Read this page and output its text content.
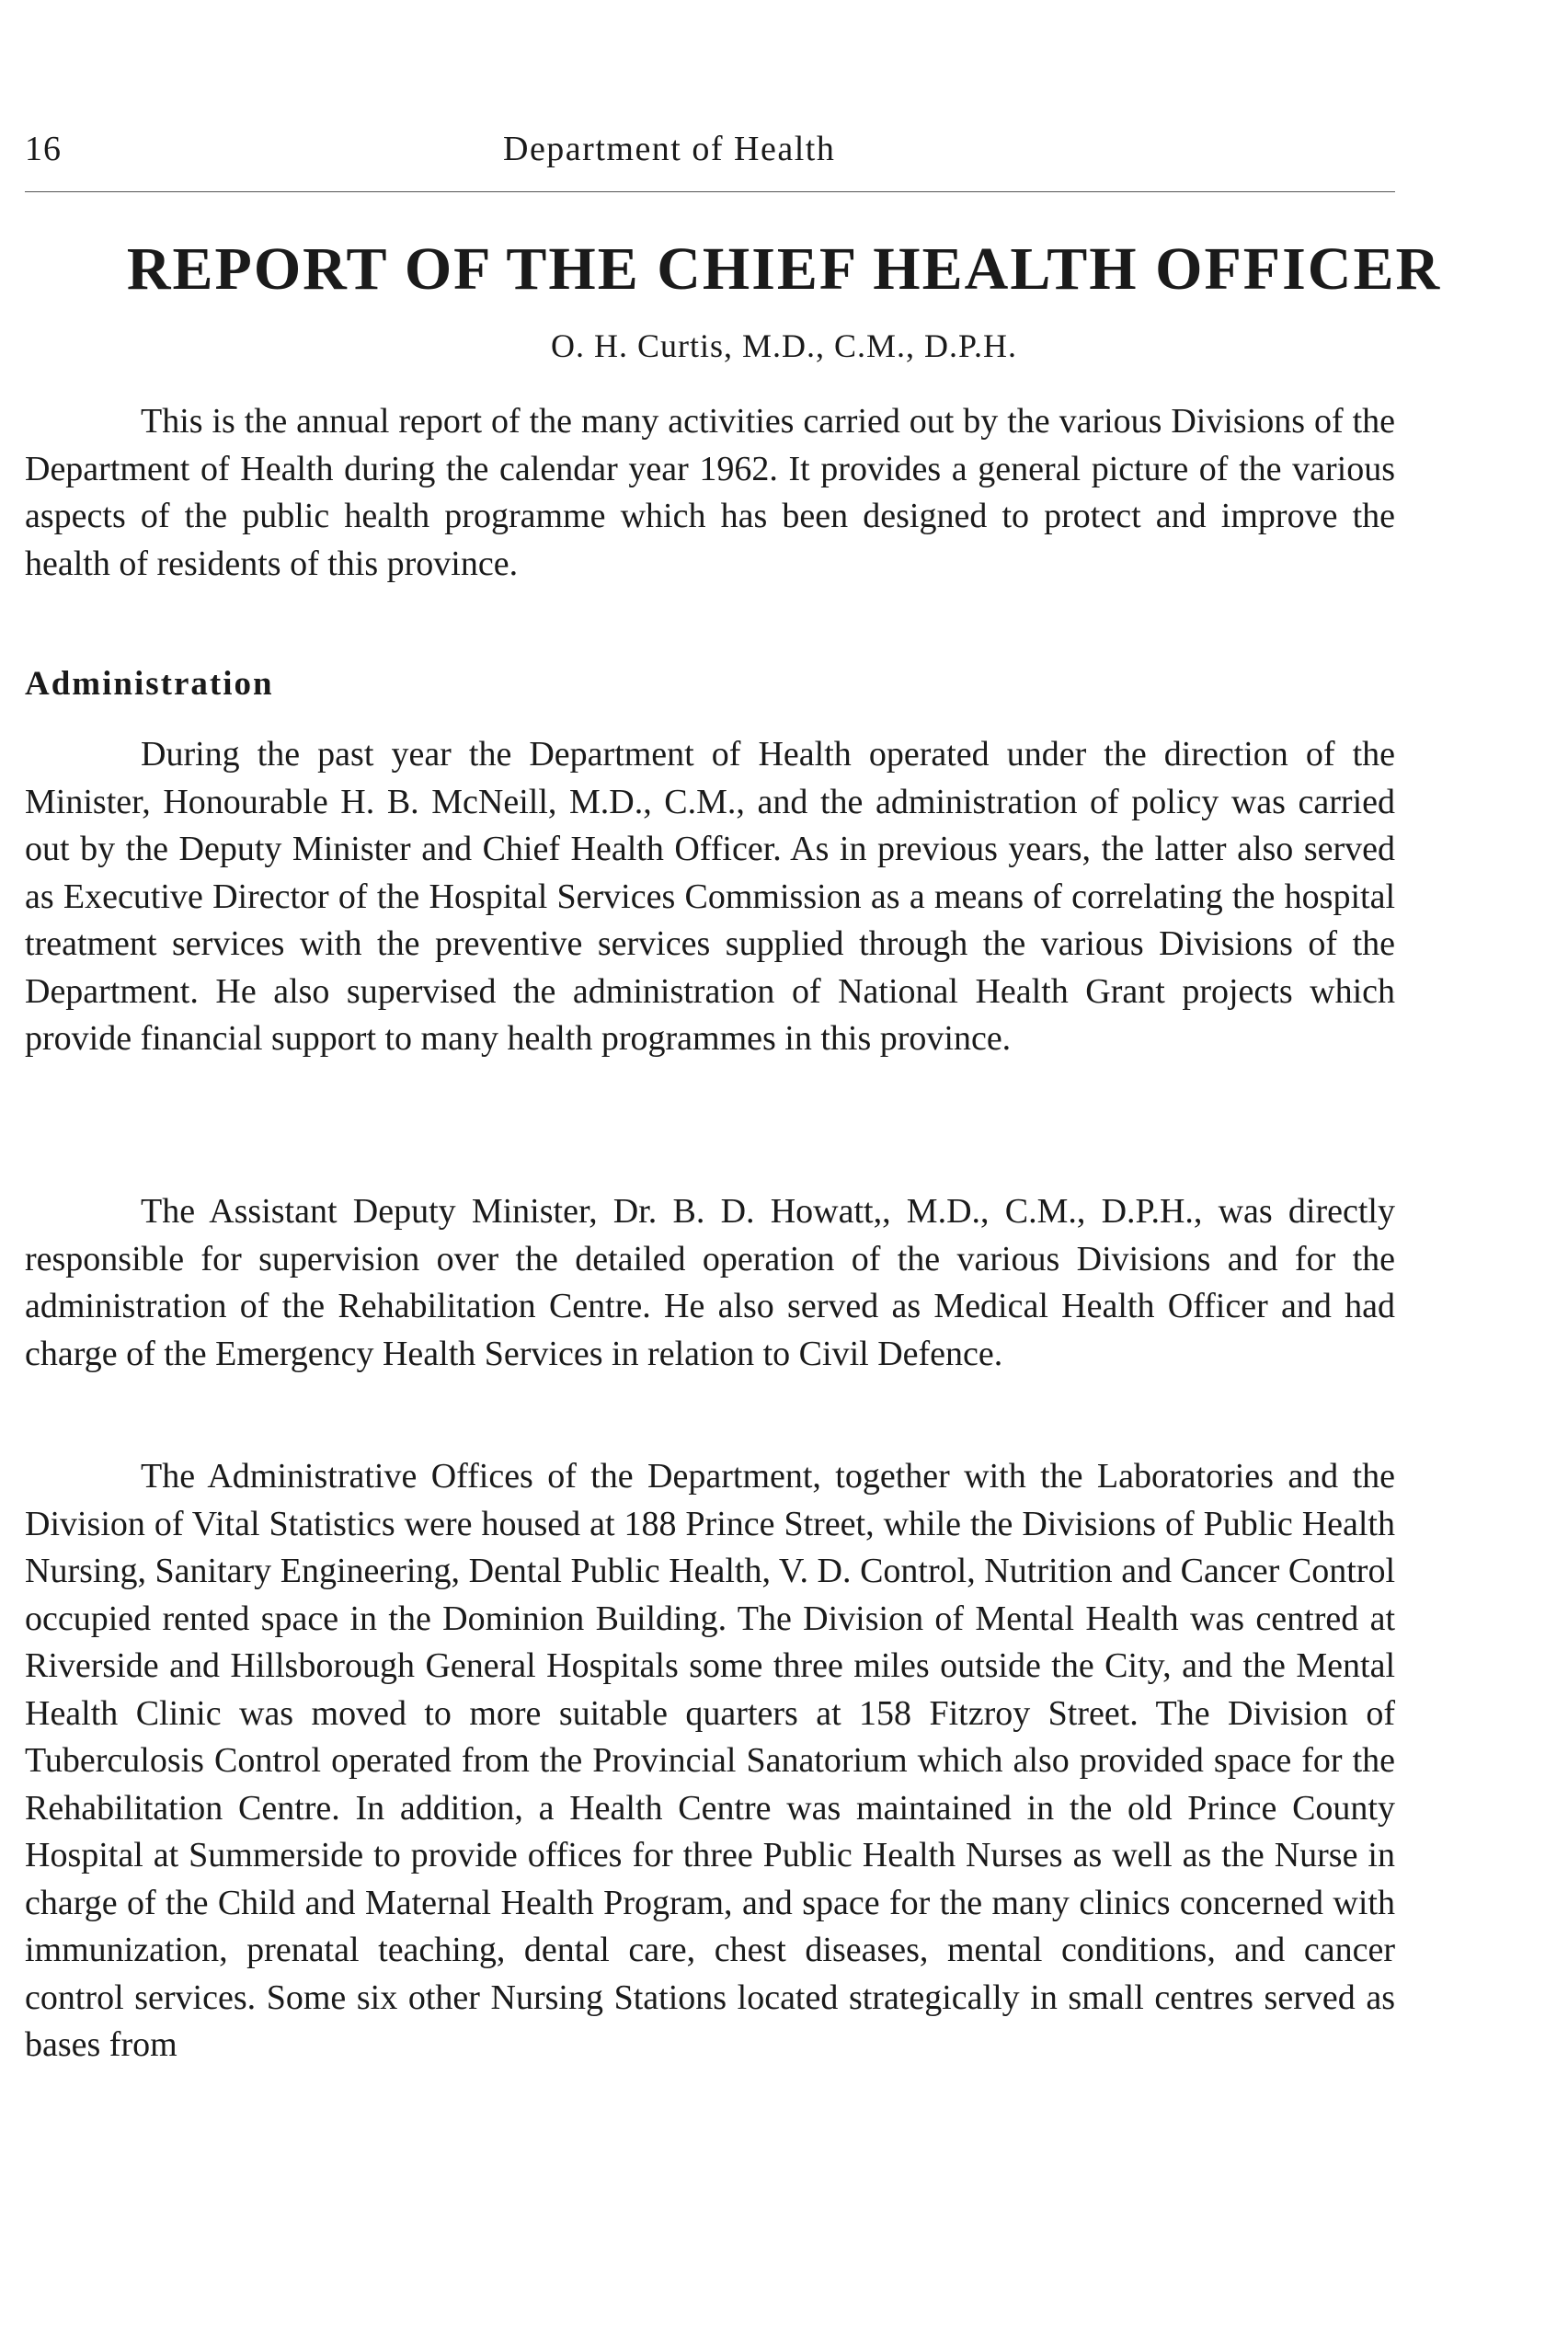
16	Department of Health
REPORT OF THE CHIEF HEALTH OFFICER
O. H. Curtis, M.D., C.M., D.P.H.

This is the annual report of the many activities carried out by the various Divisions of the Department of Health during the calendar year 1962. It provides a general picture of the various aspects of the public health programme which has been designed to protect and improve the health of residents of this province.

Administration

During the past year the Department of Health operated under the direction of the Minister, Honourable H. B. McNeill, M.D., C.M., and the administration of policy was carried out by the Deputy Minister and Chief Health Officer. As in previous years, the latter also served as Executive Director of the Hospital Services Commission as a means of correlating the hospital treatment services with the preventive services supplied through the various Divisions of the Department. He also supervised the administration of National Health Grant projects which provide financial support to many health programmes in this province.

The Assistant Deputy Minister, Dr. B. D. Howatt,, M.D., C.M., D.P.H., was directly responsible for supervision over the detailed operation of the various Divisions and for the administration of the Rehabilitation Centre. He also served as Medical Health Officer and had charge of the Emergency Health Services in relation to Civil Defence.

The Administrative Offices of the Department, together with the Laboratories and the Division of Vital Statistics were housed at 188 Prince Street, while the Divisions of Public Health Nursing, Sanitary Engineering, Dental Public Health, V. D. Control, Nutrition and Cancer Control occupied rented space in the Dominion Building. The Division of Mental Health was centred at Riverside and Hillsborough General Hospitals some three miles outside the City, and the Mental Health Clinic was moved to more suitable quarters at 158 Fitzroy Street. The Division of Tuberculosis Control operated from the Provincial Sanatorium which also provided space for the Rehabilitation Centre. In addition, a Health Centre was maintained in the old Prince County Hospital at Summerside to provide offices for three Public Health Nurses as well as the Nurse in charge of the Child and Maternal Health Program, and space for the many clinics concerned with immunization, prenatal teaching, dental care, chest diseases, mental conditions, and cancer control services. Some six other Nursing Stations located strategically in small centres served as bases from
